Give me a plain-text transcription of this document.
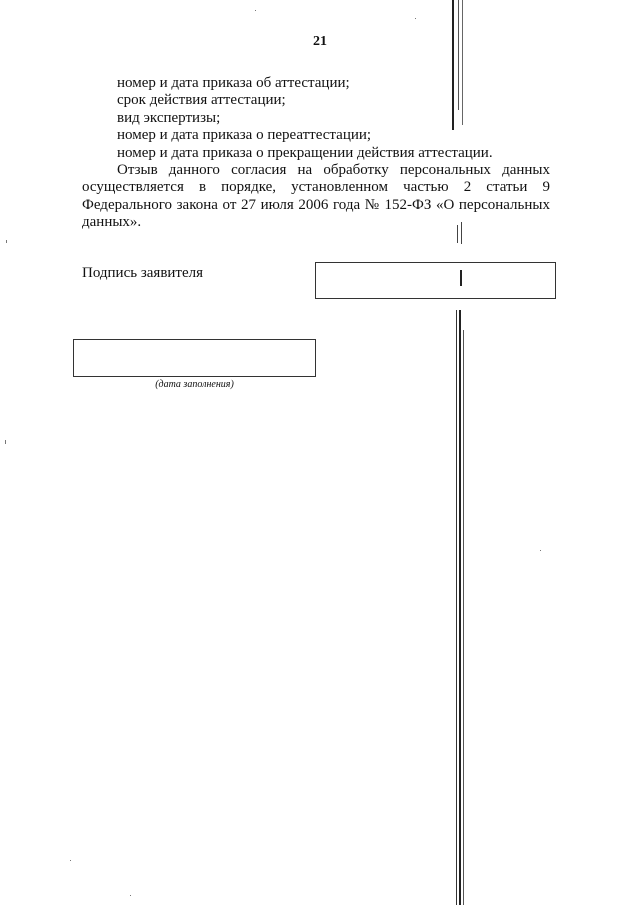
21

номер и дата приказа об аттестации;

срок действия аттестации;

вид экспертизы;

номер и дата приказа о переаттестации;

номер и дата приказа о прекращении действия аттестации.

Отзыв данного согласия на обработку персональных данных осуществляется в порядке, установленном частью 2 статьи 9 Федерального закона от 27 июля 2006 года № 152-ФЗ «О персональных данных».

Подпись заявителя
(дата заполнения)
